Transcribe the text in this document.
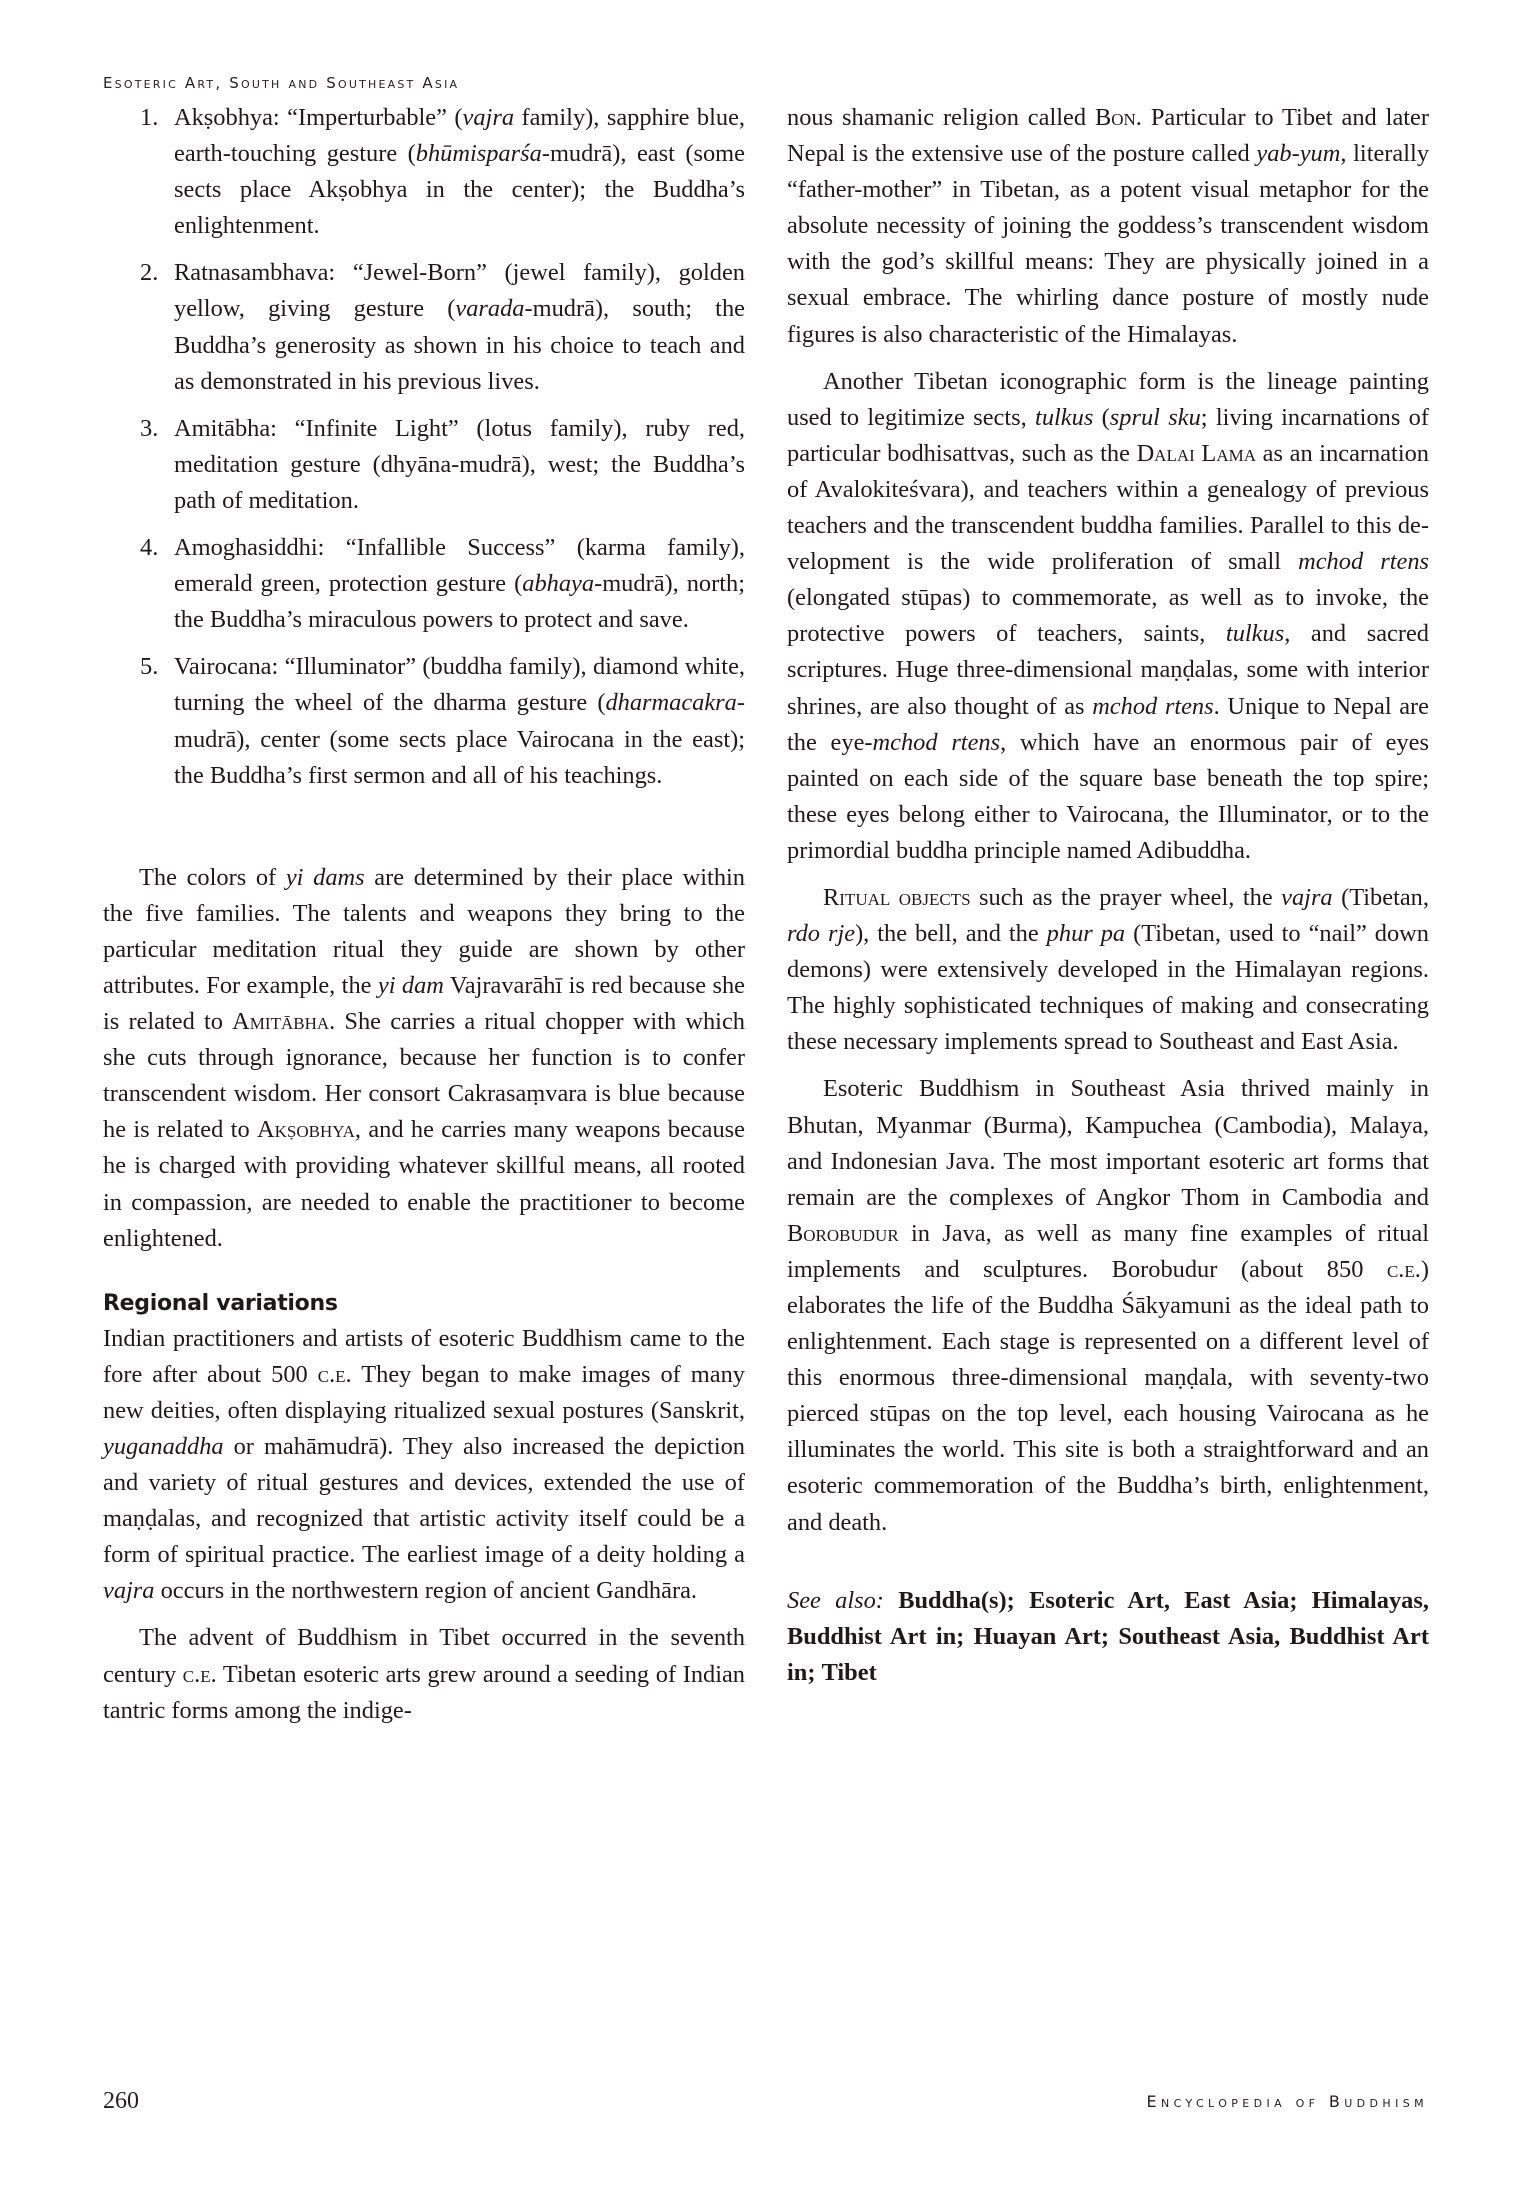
Esoteric Art, South and Southeast Asia
1. Akṣobhya: “Imperturbable” (vajra family), sapphire blue, earth-touching gesture (bhūmisparśa-mudrā), east (some sects place Akṣobhya in the center); the Buddha’s enlightenment.
2. Ratnasambhava: “Jewel-Born” (jewel family), golden yellow, giving gesture (varada-mudrā), south; the Buddha’s generosity as shown in his choice to teach and as demonstrated in his previous lives.
3. Amitābha: “Infinite Light” (lotus family), ruby red, meditation gesture (dhyāna-mudrā), west; the Buddha’s path of meditation.
4. Amoghasiddhi: “Infallible Success” (karma family), emerald green, protection gesture (abhaya-mudrā), north; the Buddha’s miraculous powers to protect and save.
5. Vairocana: “Illuminator” (buddha family), diamond white, turning the wheel of the dharma gesture (dharmacakra-mudrā), center (some sects place Vairocana in the east); the Buddha’s first sermon and all of his teachings.

The colors of yi dams are determined by their place within the five families. The talents and weapons they bring to the particular meditation ritual they guide are shown by other attributes. For example, the yi dam Vajravarāhī is red because she is related to Amitābha. She carries a ritual chopper with which she cuts through ignorance, because her function is to confer transcendent wisdom. Her consort Cakrasaṃvara is blue because he is related to Akṣobhya, and he carries many weapons because he is charged with providing whatever skillful means, all rooted in compassion, are needed to enable the practitioner to become enlightened.

Regional variations

Indian practitioners and artists of esoteric Buddhism came to the fore after about 500 c.e. They began to make images of many new deities, often displaying ritualized sexual postures (Sanskrit, yuganaddha or mahāmudrā). They also increased the depiction and variety of ritual gestures and devices, extended the use of maṇḍalas, and recognized that artistic activity itself could be a form of spiritual practice. The earliest image of a deity holding a vajra occurs in the northwestern region of ancient Gandhāra.

The advent of Buddhism in Tibet occurred in the seventh century c.e. Tibetan esoteric arts grew around a seeding of Indian tantric forms among the indige-

nous shamanic religion called Bon. Particular to Tibet and later Nepal is the extensive use of the posture called yab-yum, literally “father-mother” in Tibetan, as a potent visual metaphor for the absolute necessity of joining the goddess’s transcendent wisdom with the god’s skillful means: They are physically joined in a sexual embrace. The whirling dance posture of mostly nude figures is also characteristic of the Himalayas.

Another Tibetan iconographic form is the lineage painting used to legitimize sects, tulkus (sprul sku; living incarnations of particular bodhisattvas, such as the Dalai Lama as an incarnation of Avalokiteśvara), and teachers within a genealogy of previous teachers and the transcendent buddha families. Parallel to this development is the wide proliferation of small mchod rtens (elongated stūpas) to commemorate, as well as to invoke, the protective powers of teachers, saints, tulkus, and sacred scriptures. Huge three-dimensional maṇḍalas, some with interior shrines, are also thought of as mchod rtens. Unique to Nepal are the eye-mchod rtens, which have an enormous pair of eyes painted on each side of the square base beneath the top spire; these eyes belong either to Vairocana, the Illuminator, or to the primordial buddha principle named Adibuddha.

Ritual objects such as the prayer wheel, the vajra (Tibetan, rdo rje), the bell, and the phur pa (Tibetan, used to “nail” down demons) were extensively developed in the Himalayan regions. The highly sophisticated techniques of making and consecrating these necessary implements spread to Southeast and East Asia.

Esoteric Buddhism in Southeast Asia thrived mainly in Bhutan, Myanmar (Burma), Kampuchea (Cambodia), Malaya, and Indonesian Java. The most important esoteric art forms that remain are the complexes of Angkor Thom in Cambodia and Borobudur in Java, as well as many fine examples of ritual implements and sculptures. Borobudur (about 850 c.e.) elaborates the life of the Buddha Śākyamuni as the ideal path to enlightenment. Each stage is represented on a different level of this enormous three-dimensional maṇḍala, with seventy-two pierced stūpas on the top level, each housing Vairocana as he illuminates the world. This site is both a straightforward and an esoteric commemoration of the Buddha’s birth, enlightenment, and death.

See also: Buddha(s); Esoteric Art, East Asia; Himalayas, Buddhist Art in; Huayan Art; Southeast Asia, Buddhist Art in; Tibet

260	Encyclopedia of Buddhism
